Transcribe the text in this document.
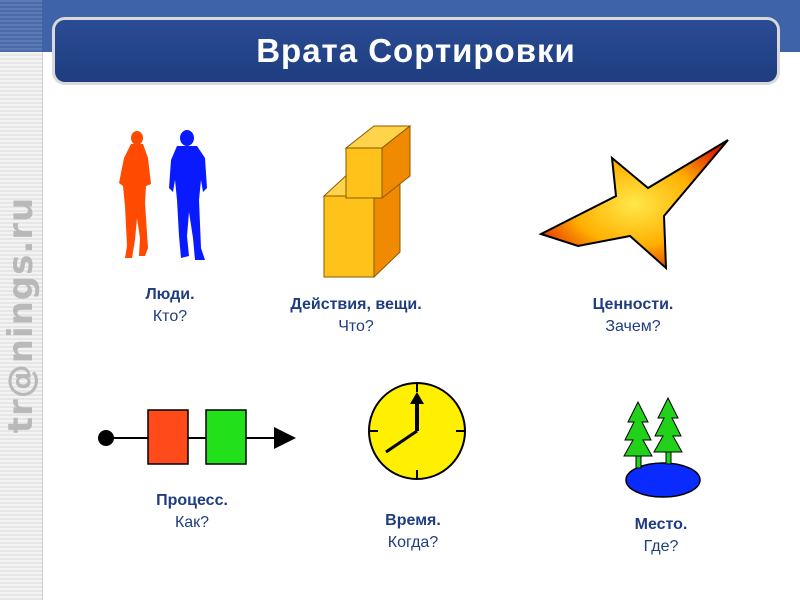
tr@nings.ru
Врата Сортировки
Люди.
Кто?
Действия, вещи.
Что?
Ценности.
Зачем?
Процесс.
Как?	Время.
Когда?
Место.
Где?
